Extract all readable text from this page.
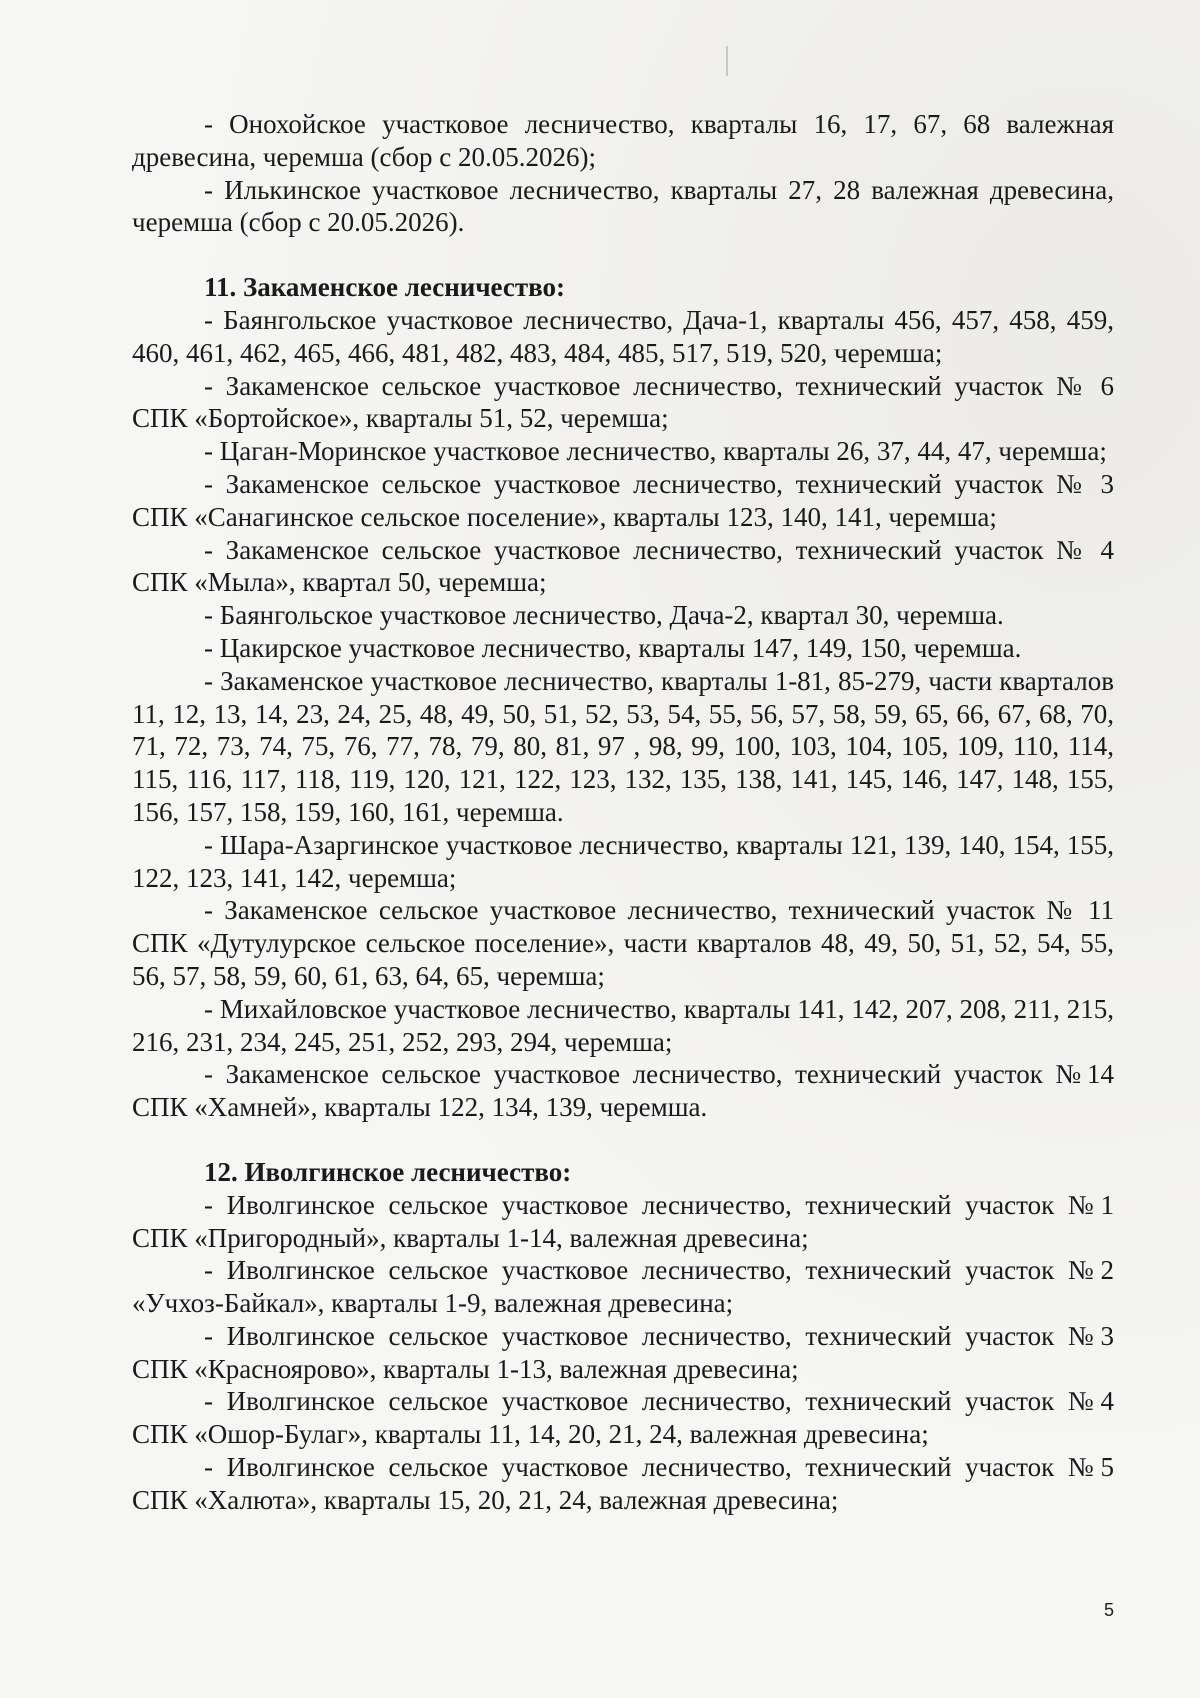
- Онохойское участковое лесничество, кварталы 16, 17, 67, 68 валежная древесина, черемша (сбор с 20.05.2026);

- Илькинское участковое лесничество, кварталы 27, 28 валежная древесина, черемша (сбор с 20.05.2026).

11. Закаменское лесничество:

- Баянгольское участковое лесничество, Дача-1, кварталы 456, 457, 458, 459, 460, 461, 462, 465, 466, 481, 482, 483, 484, 485, 517, 519, 520, черемша;

- Закаменское сельское участковое лесничество, технический участок № 6 СПК «Бортойское», кварталы 51, 52, черемша;

- Цаган-Моринское участковое лесничество, кварталы 26, 37, 44, 47, черемша;

- Закаменское сельское участковое лесничество, технический участок № 3 СПК «Санагинское сельское поселение», кварталы 123, 140, 141, черемша;

- Закаменское сельское участковое лесничество, технический участок № 4 СПК «Мыла», квартал 50, черемша;

- Баянгольское участковое лесничество, Дача-2, квартал 30, черемша.

- Цакирское участковое лесничество, кварталы 147, 149, 150, черемша.

- Закаменское участковое лесничество, кварталы 1-81, 85-279, части кварталов 11, 12, 13, 14, 23, 24, 25, 48, 49, 50, 51, 52, 53, 54, 55, 56, 57, 58, 59, 65, 66, 67, 68, 70, 71, 72, 73, 74, 75, 76, 77, 78, 79, 80, 81, 97 , 98, 99, 100, 103, 104, 105, 109, 110, 114, 115, 116, 117, 118, 119, 120, 121, 122, 123, 132, 135, 138, 141, 145, 146, 147, 148, 155, 156, 157, 158, 159, 160, 161, черемша.

- Шара-Азаргинское участковое лесничество, кварталы 121, 139, 140, 154, 155, 122, 123, 141, 142, черемша;

- Закаменское сельское участковое лесничество, технический участок № 11 СПК «Дутулурское сельское поселение», части кварталов 48, 49, 50, 51, 52, 54, 55, 56, 57, 58, 59, 60, 61, 63, 64, 65, черемша;

- Михайловское участковое лесничество, кварталы 141, 142, 207, 208, 211, 215, 216, 231, 234, 245, 251, 252, 293, 294, черемша;

- Закаменское сельское участковое лесничество, технический участок №14 СПК «Хамней», кварталы 122, 134, 139, черемша.

12. Иволгинское лесничество:

- Иволгинское сельское участковое лесничество, технический участок №1 СПК «Пригородный», кварталы 1-14, валежная древесина;

- Иволгинское сельское участковое лесничество, технический участок №2 «Учхоз-Байкал», кварталы 1-9, валежная древесина;

- Иволгинское сельское участковое лесничество, технический участок №3 СПК «Красноярово», кварталы 1-13, валежная древесина;

- Иволгинское сельское участковое лесничество, технический участок №4 СПК «Ошор-Булаг», кварталы 11, 14, 20, 21, 24, валежная древесина;

- Иволгинское сельское участковое лесничество, технический участок №5 СПК «Халюта», кварталы 15, 20, 21, 24, валежная древесина;

5
